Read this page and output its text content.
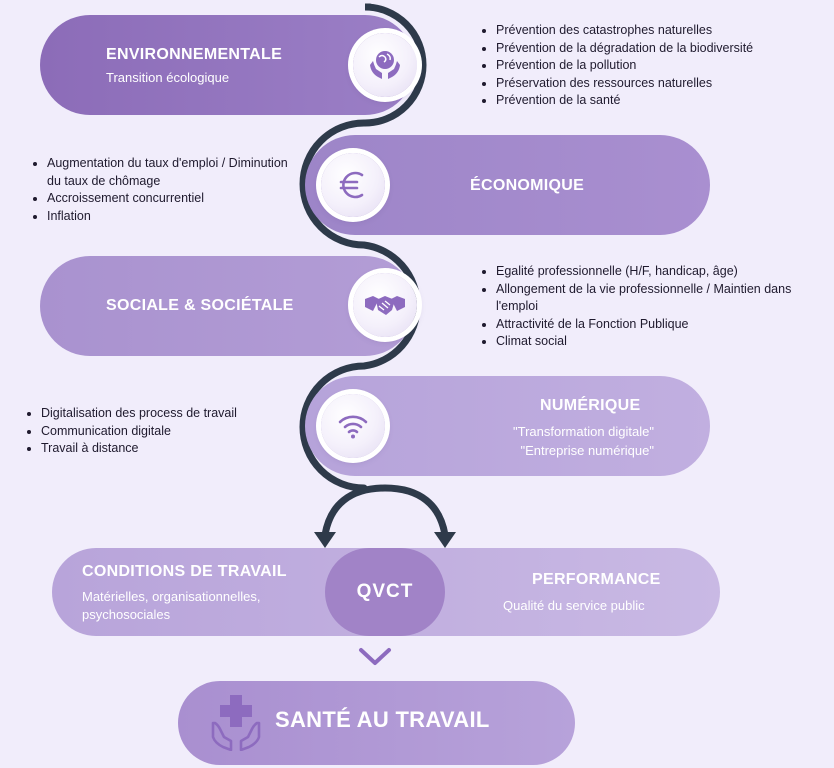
ENVIRONNEMENTALE
Transition écologique
• Prévention des catastrophes naturelles
• Prévention de la dégradation de la biodiversité
• Prévention de la pollution
• Préservation des ressources naturelles
• Prévention de la santé
ÉCONOMIQUE
• Augmentation du taux d'emploi / Diminution du taux de chômage
• Accroissement concurrentiel
• Inflation
SOCIALE & SOCIÉTALE
• Egalité professionnelle (H/F, handicap, âge)
• Allongement de la vie professionnelle / Maintien dans l'emploi
• Attractivité de la Fonction Publique
• Climat social
NUMÉRIQUE
"Transformation digitale"
"Entreprise numérique"
• Digitalisation des process de travail
• Communication digitale
• Travail à distance
CONDITIONS DE TRAVAIL
Matérielles, organisationnelles,
psychosociales
QVCT
PERFORMANCE
Qualité du service public
SANTÉ AU TRAVAIL
